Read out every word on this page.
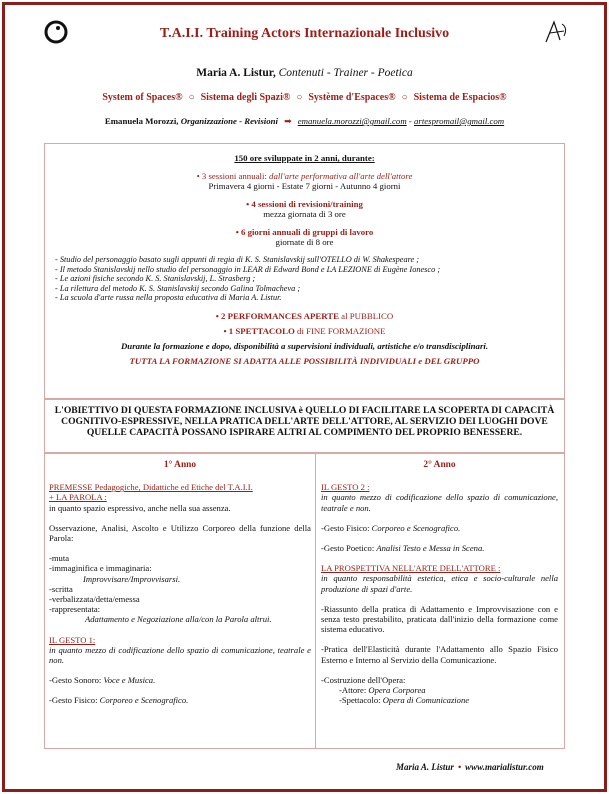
T.A.I.I. Training Actors Internazionale Inclusivo
Maria A. Listur, Contenuti - Trainer - Poetica
System of Spaces® ○ Sistema degli Spazi® ○ Système d'Espaces® ○ Sistema de Espacios®
Emanuela Morozzi, Organizzazione - Revisioni ➡ emanuela.morozzi@gmail.com - artespromail@gmail.com
150 ore sviluppate in 2 anni, durante:
• 3 sessioni annuali: dall'arte performativa all'arte dell'attore
Primavera 4 giorni - Estate 7 giorni - Autunno 4 giorni
• 4 sessioni di revisioni/training
mezza giornata di 3 ore
• 6 giorni annuali di gruppi di lavoro
giornate di 8 ore
- Studio del personaggio basato sugli appunti di regia di K. S. Stanislavskij sull'OTELLO di W. Shakespeare ;
- Il metodo Stanislavskij nello studio del personaggio in LEAR di Edward Bond e LA LEZIONE di Eugène Ionesco ;
- Le azioni fisiche secondo K. S. Stanislavskij, L. Strasberg ;
- La rilettura del metodo K. S. Stanislavskij secondo Galina Tolmacheva ;
- La scuola d'arte russa nella proposta educativa di Maria A. Listur.
• 2 PERFORMANCES APERTE al PUBBLICO
• 1 SPETTACOLO di FINE FORMAZIONE
Durante la formazione e dopo, disponibilità a supervisioni individuali, artistiche e/o transdisciplinari.
TUTTA LA FORMAZIONE SI ADATTA ALLE POSSIBILITÀ INDIVIDUALI e DEL GRUPPO
L'OBIETTIVO DI QUESTA FORMAZIONE INCLUSIVA è QUELLO DI FACILITARE LA SCOPERTA DI CAPACITÀ COGNITIVO-ESPRESSIVE, NELLA PRATICA DELL'ARTE DELL'ATTORE, AL SERVIZIO DEI LUOGHI DOVE QUELLE CAPACITÀ POSSANO ISPIRARE ALTRI AL COMPIMENTO DEL PROPRIO BENESSERE.
1° Anno

PREMESSE Pedagogiche, Didattiche ed Etiche del T.A.I.I.

+ LA PAROLA :

in quanto spazio espressivo, anche nella sua assenza.

Osservazione, Analisi, Ascolto e Utilizzo Corporeo della funzione della Parola:

-muta

-immaginifica e immaginaria:

Improvvisare/Improvvisarsi.

-scritta

-verbalizzata/detta/emessa

-rappresentata:

Adattamento e Negoziazione alla/con la Parola altrui.

IL GESTO 1:

in quanto mezzo di codificazione dello spazio di comunicazione, teatrale e non.

-Gesto Sonoro: Voce e Musica.

-Gesto Fisico: Corporeo e Scenografico.

2° Anno

IL GESTO 2 :

in quanto mezzo di codificazione dello spazio di comunicazione, teatrale e non.

-Gesto Fisico: Corporeo e Scenografico.

-Gesto Poetico: Analisi Testo e Messa in Scena.

LA PROSPETTIVA NELL'ARTE DELL'ATTORE :

in quanto responsabilità estetica, etica e socio-culturale nella produzione di spazi d'arte.

-Riassunto della pratica di Adattamento e Improvvisazione con e senza testo prestabilito, praticata dall'inizio della formazione come sistema educativo.

-Pratica dell'Elasticità durante l'Adattamento allo Spazio Fisico Esterno e Interno al Servizio della Comunicazione.

-Costruzione dell'Opera:

-Attore: Opera Corporea

-Spettacolo: Opera di Comunicazione

Maria A. Listur • www.marialistur.com
